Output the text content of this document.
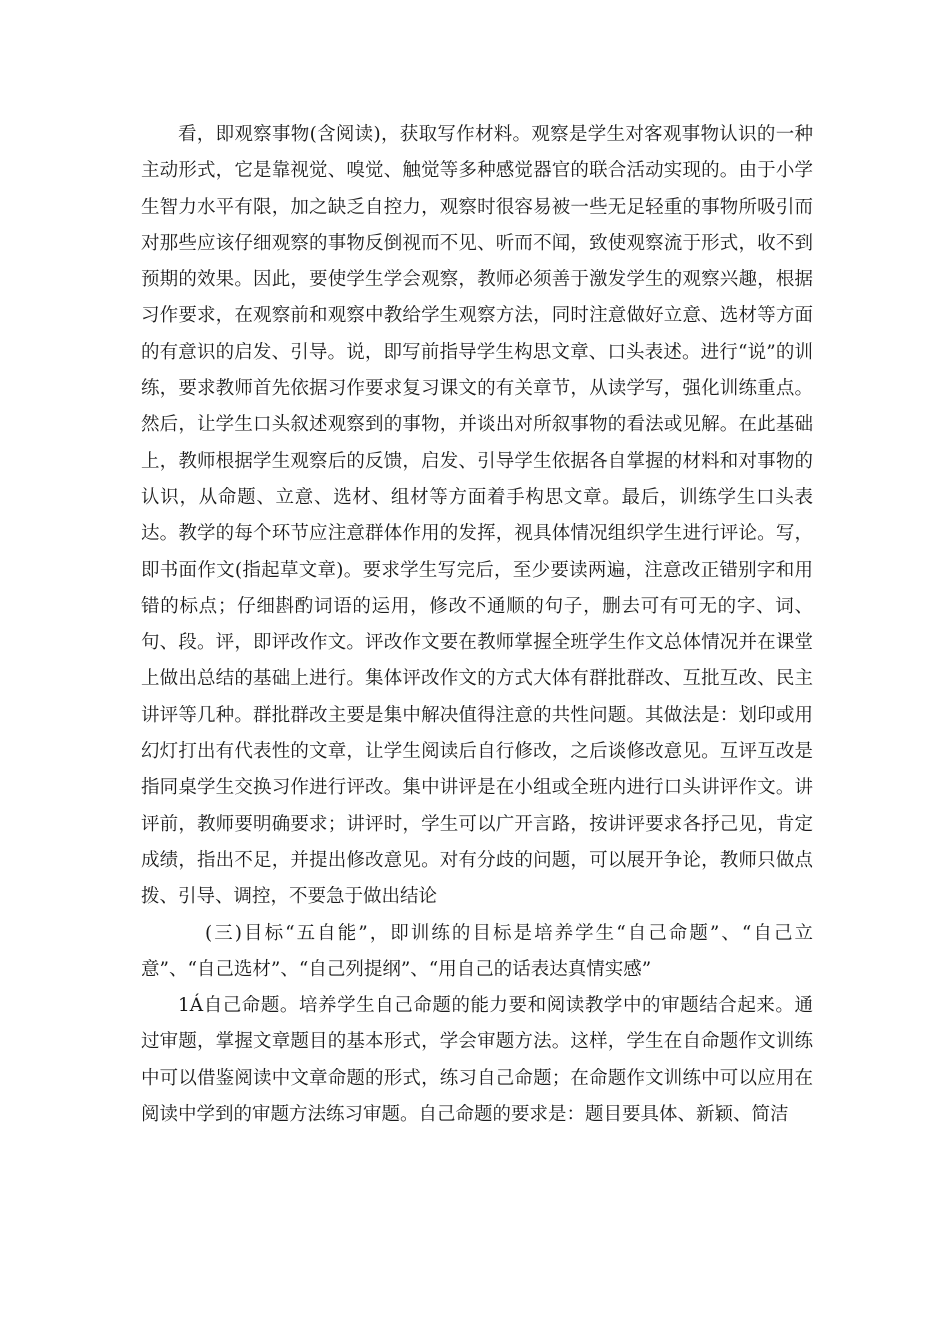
看，即观察事物(含阅读)，获取写作材料。观察是学生对客观事物认识的一种主动形式，它是靠视觉、嗅觉、触觉等多种感觉器官的联合活动实现的。由于小学生智力水平有限，加之缺乏自控力，观察时很容易被一些无足轻重的事物所吸引而对那些应该仔细观察的事物反倒视而不见、听而不闻，致使观察流于形式，收不到预期的效果。因此，要使学生学会观察，教师必须善于激发学生的观察兴趣，根据习作要求，在观察前和观察中教给学生观察方法，同时注意做好立意、选材等方面的有意识的启发、引导。说，即写前指导学生构思文章、口头表述。进行“说”的训练，要求教师首先依据习作要求复习课文的有关章节，从读学写，强化训练重点。然后，让学生口头叙述观察到的事物，并谈出对所叙事物的看法或见解。在此基础上，教师根据学生观察后的反馈，启发、引导学生依据各自掌握的材料和对事物的认识，从命题、立意、选材、组材等方面着手构思文章。最后，训练学生口头表达。教学的每个环节应注意群体作用的发挥，视具体情况组织学生进行评论。写，即书面作文(指起草文章)。要求学生写完后，至少要读两遍，注意改正错别字和用错的标点；仔细斟酌词语的运用，修改不通顺的句子，删去可有可无的字、词、句、段。评，即评改作文。评改作文要在教师掌握全班学生作文总体情况并在课堂上做出总结的基础上进行。集体评改作文的方式大体有群批群改、互批互改、民主讲评等几种。群批群改主要是集中解决值得注意的共性问题。其做法是：划印或用幻灯打出有代表性的文章，让学生阅读后自行修改，之后谈修改意见。互评互改是指同桌学生交换习作进行评改。集中讲评是在小组或全班内进行口头讲评作文。讲评前，教师要明确要求；讲评时，学生可以广开言路，按讲评要求各抒己见，肯定成绩，指出不足，并提出修改意见。对有分歧的问题，可以展开争论，教师只做点拨、引导、调控，不要急于做出结论

(三)目标“五自能”，即训练的目标是培养学生“自己命题”、“自己立意”、“自己选材”、“自己列提纲”、“用自己的话表达真情实感”

1Á自己命题。培养学生自己命题的能力要和阅读教学中的审题结合起来。通过审题，掌握文章题目的基本形式，学会审题方法。这样，学生在自命题作文训练中可以借鉴阅读中文章命题的形式，练习自己命题；在命题作文训练中可以应用在阅读中学到的审题方法练习审题。自己命题的要求是：题目要具体、新颖、简洁
